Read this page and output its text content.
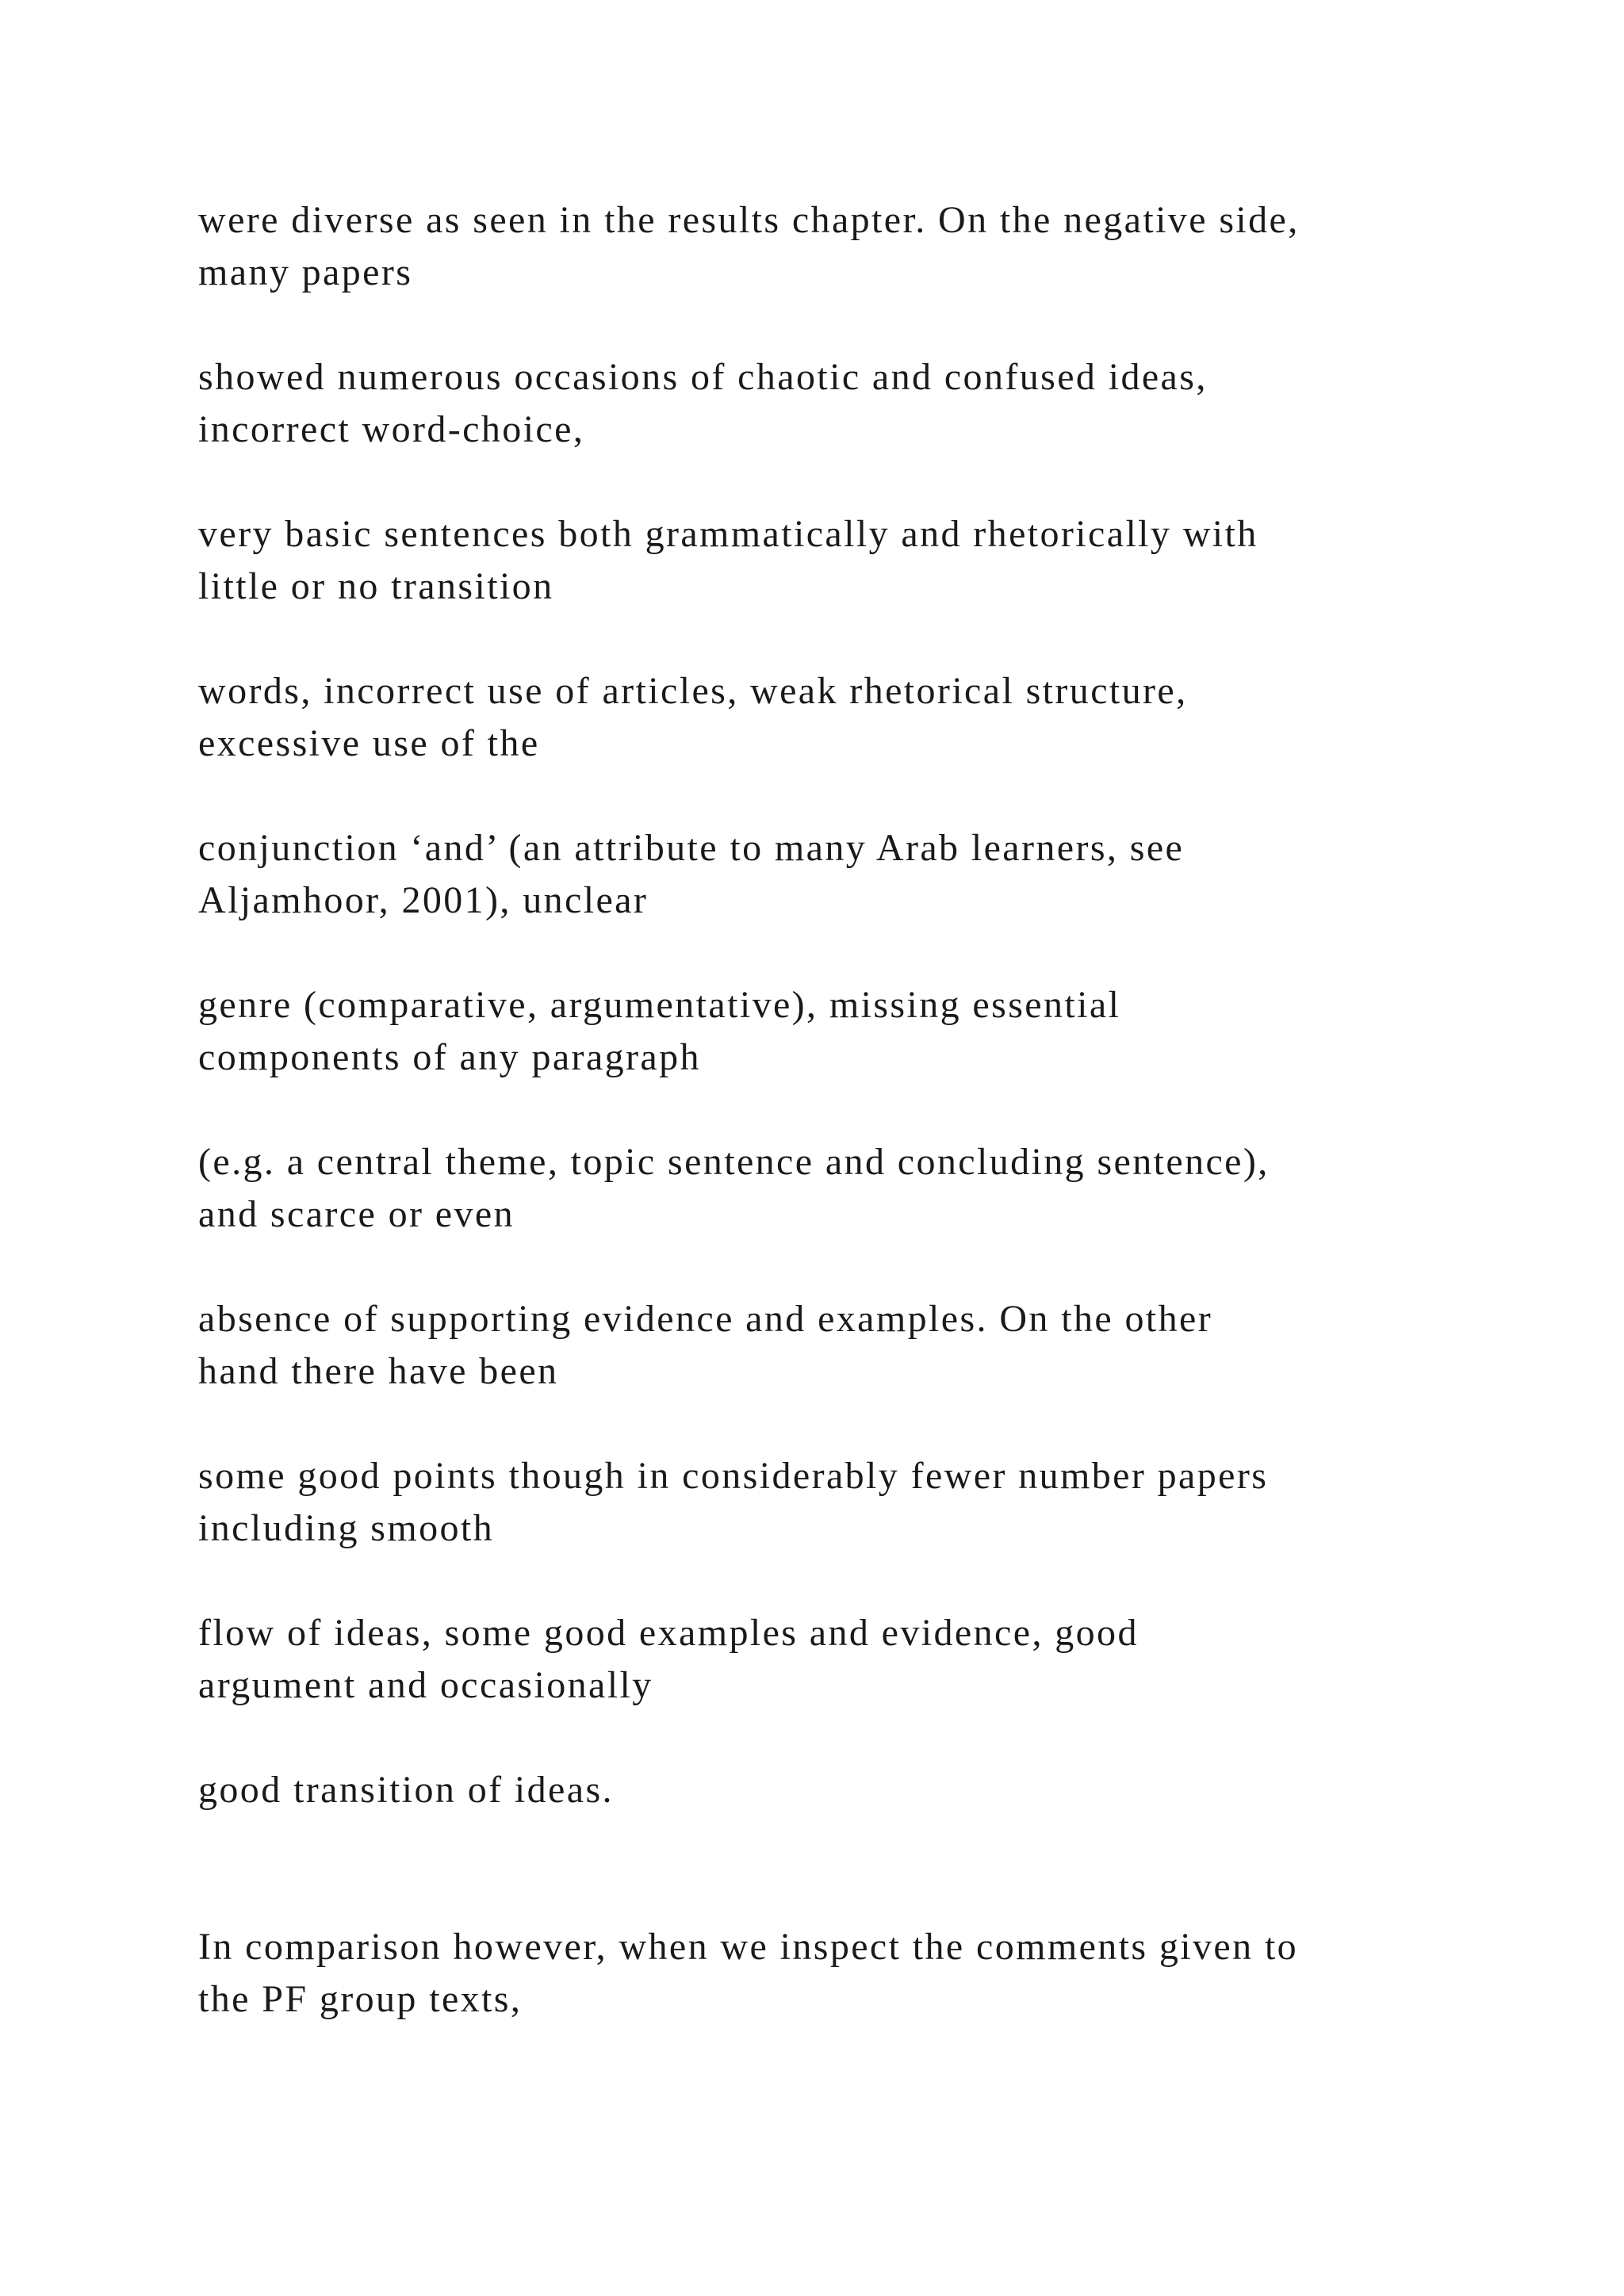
were diverse as seen in the results chapter. On the negative side,
many papers

showed numerous occasions of chaotic and confused ideas,
incorrect word-choice,

very basic sentences both grammatically and rhetorically with
little or no transition

words, incorrect use of articles, weak rhetorical structure,
excessive use of the

conjunction ‘and’ (an attribute to many Arab learners, see
Aljamhoor, 2001), unclear

genre (comparative, argumentative), missing essential
components of any paragraph

(e.g. a central theme, topic sentence and concluding sentence),
and scarce or even

absence of supporting evidence and examples. On the other
hand there have been

some good points though in considerably fewer number papers
including smooth

flow of ideas, some good examples and evidence, good
argument and occasionally

good transition of ideas.

In comparison however, when we inspect the comments given to
the PF group texts,
